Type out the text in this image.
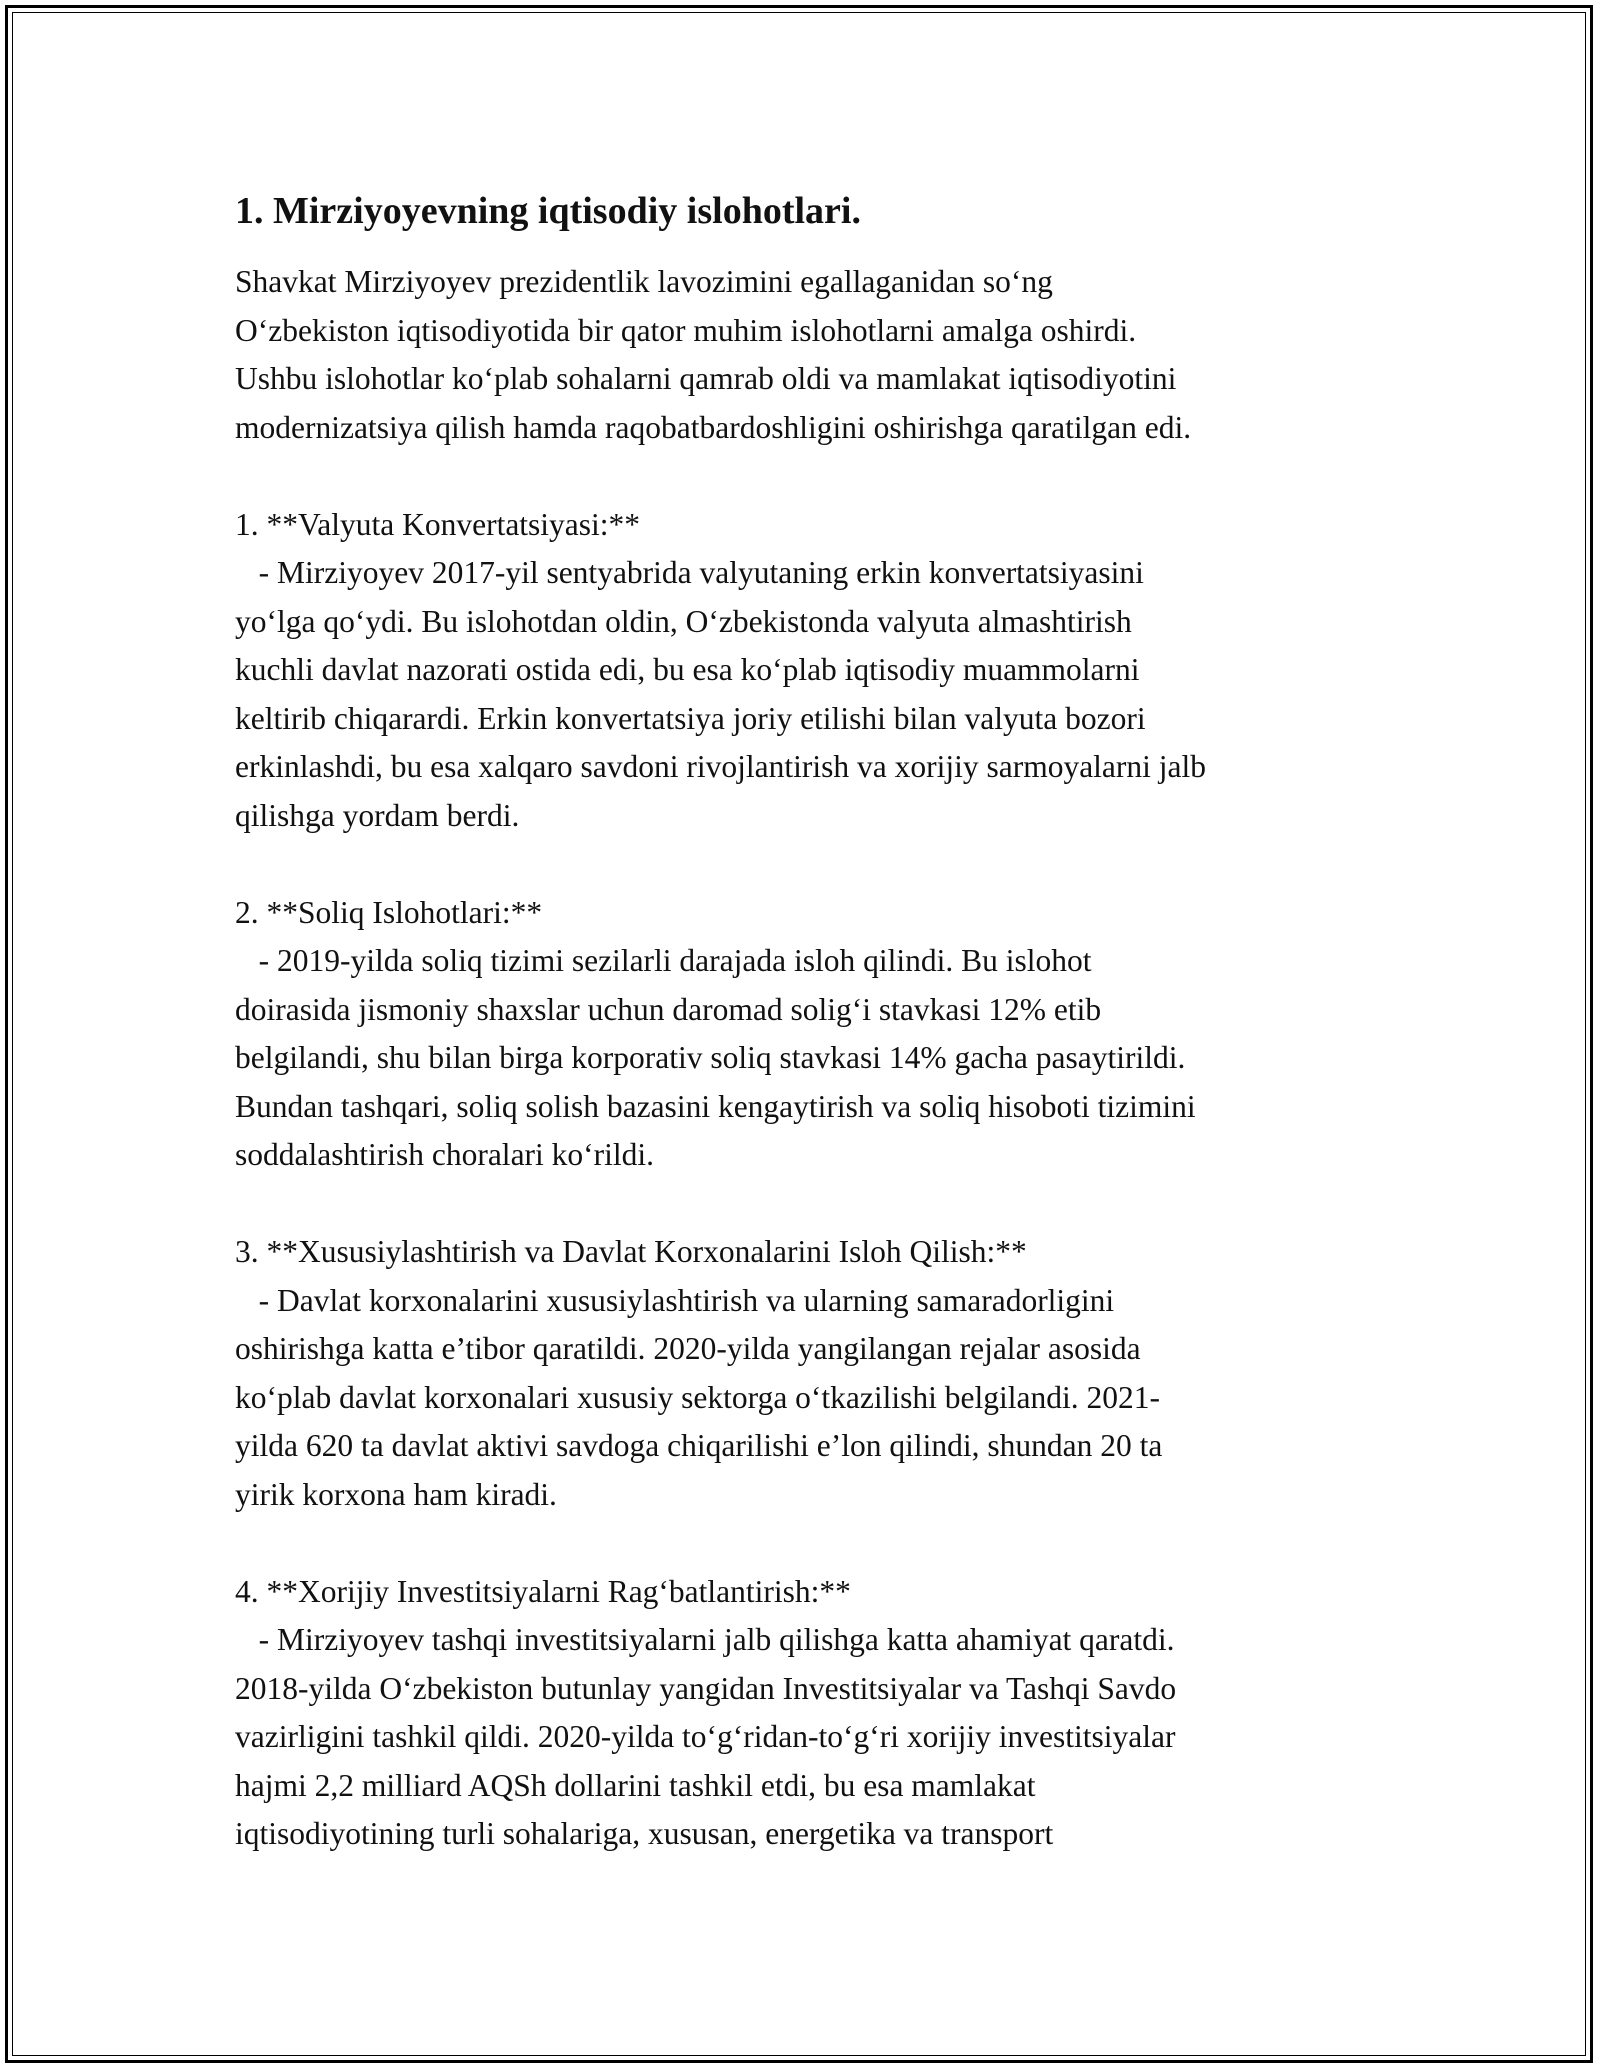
1. Mirziyoyevning iqtisodiy islohotlari.

Shavkat Mirziyoyev prezidentlik lavozimini egallaganidan so‘ng
O‘zbekiston iqtisodiyotida bir qator muhim islohotlarni amalga oshirdi.
Ushbu islohotlar ko‘plab sohalarni qamrab oldi va mamlakat iqtisodiyotini
modernizatsiya qilish hamda raqobatbardoshligini oshirishga qaratilgan edi.

1. **Valyuta Konvertatsiyasi:**

- Mirziyoyev 2017-yil sentyabrida valyutaning erkin konvertatsiyasini
yo‘lga qo‘ydi. Bu islohotdan oldin, O‘zbekistonda valyuta almashtirish
kuchli davlat nazorati ostida edi, bu esa ko‘plab iqtisodiy muammolarni
keltirib chiqarardi. Erkin konvertatsiya joriy etilishi bilan valyuta bozori
erkinlashdi, bu esa xalqaro savdoni rivojlantirish va xorijiy sarmoyalarni jalb
qilishga yordam berdi.

2. **Soliq Islohotlari:**

- 2019-yilda soliq tizimi sezilarli darajada isloh qilindi. Bu islohot
doirasida jismoniy shaxslar uchun daromad solig‘i stavkasi 12% etib
belgilandi, shu bilan birga korporativ soliq stavkasi 14% gacha pasaytirildi.
Bundan tashqari, soliq solish bazasini kengaytirish va soliq hisoboti tizimini
soddalashtirish choralari ko‘rildi.

3. **Xususiylashtirish va Davlat Korxonalarini Isloh Qilish:**

- Davlat korxonalarini xususiylashtirish va ularning samaradorligini
oshirishga katta e’tibor qaratildi. 2020-yilda yangilangan rejalar asosida
ko‘plab davlat korxonalari xususiy sektorga o‘tkazilishi belgilandi. 2021-
yilda 620 ta davlat aktivi savdoga chiqarilishi e’lon qilindi, shundan 20 ta
yirik korxona ham kiradi.

4. **Xorijiy Investitsiyalarni Rag‘batlantirish:**

- Mirziyoyev tashqi investitsiyalarni jalb qilishga katta ahamiyat qaratdi.
2018-yilda O‘zbekiston butunlay yangidan Investitsiyalar va Tashqi Savdo
vazirligini tashkil qildi. 2020-yilda to‘g‘ridan-to‘g‘ri xorijiy investitsiyalar
hajmi 2,2 milliard AQSh dollarini tashkil etdi, bu esa mamlakat
iqtisodiyotining turli sohalariga, xususan, energetika va transport
